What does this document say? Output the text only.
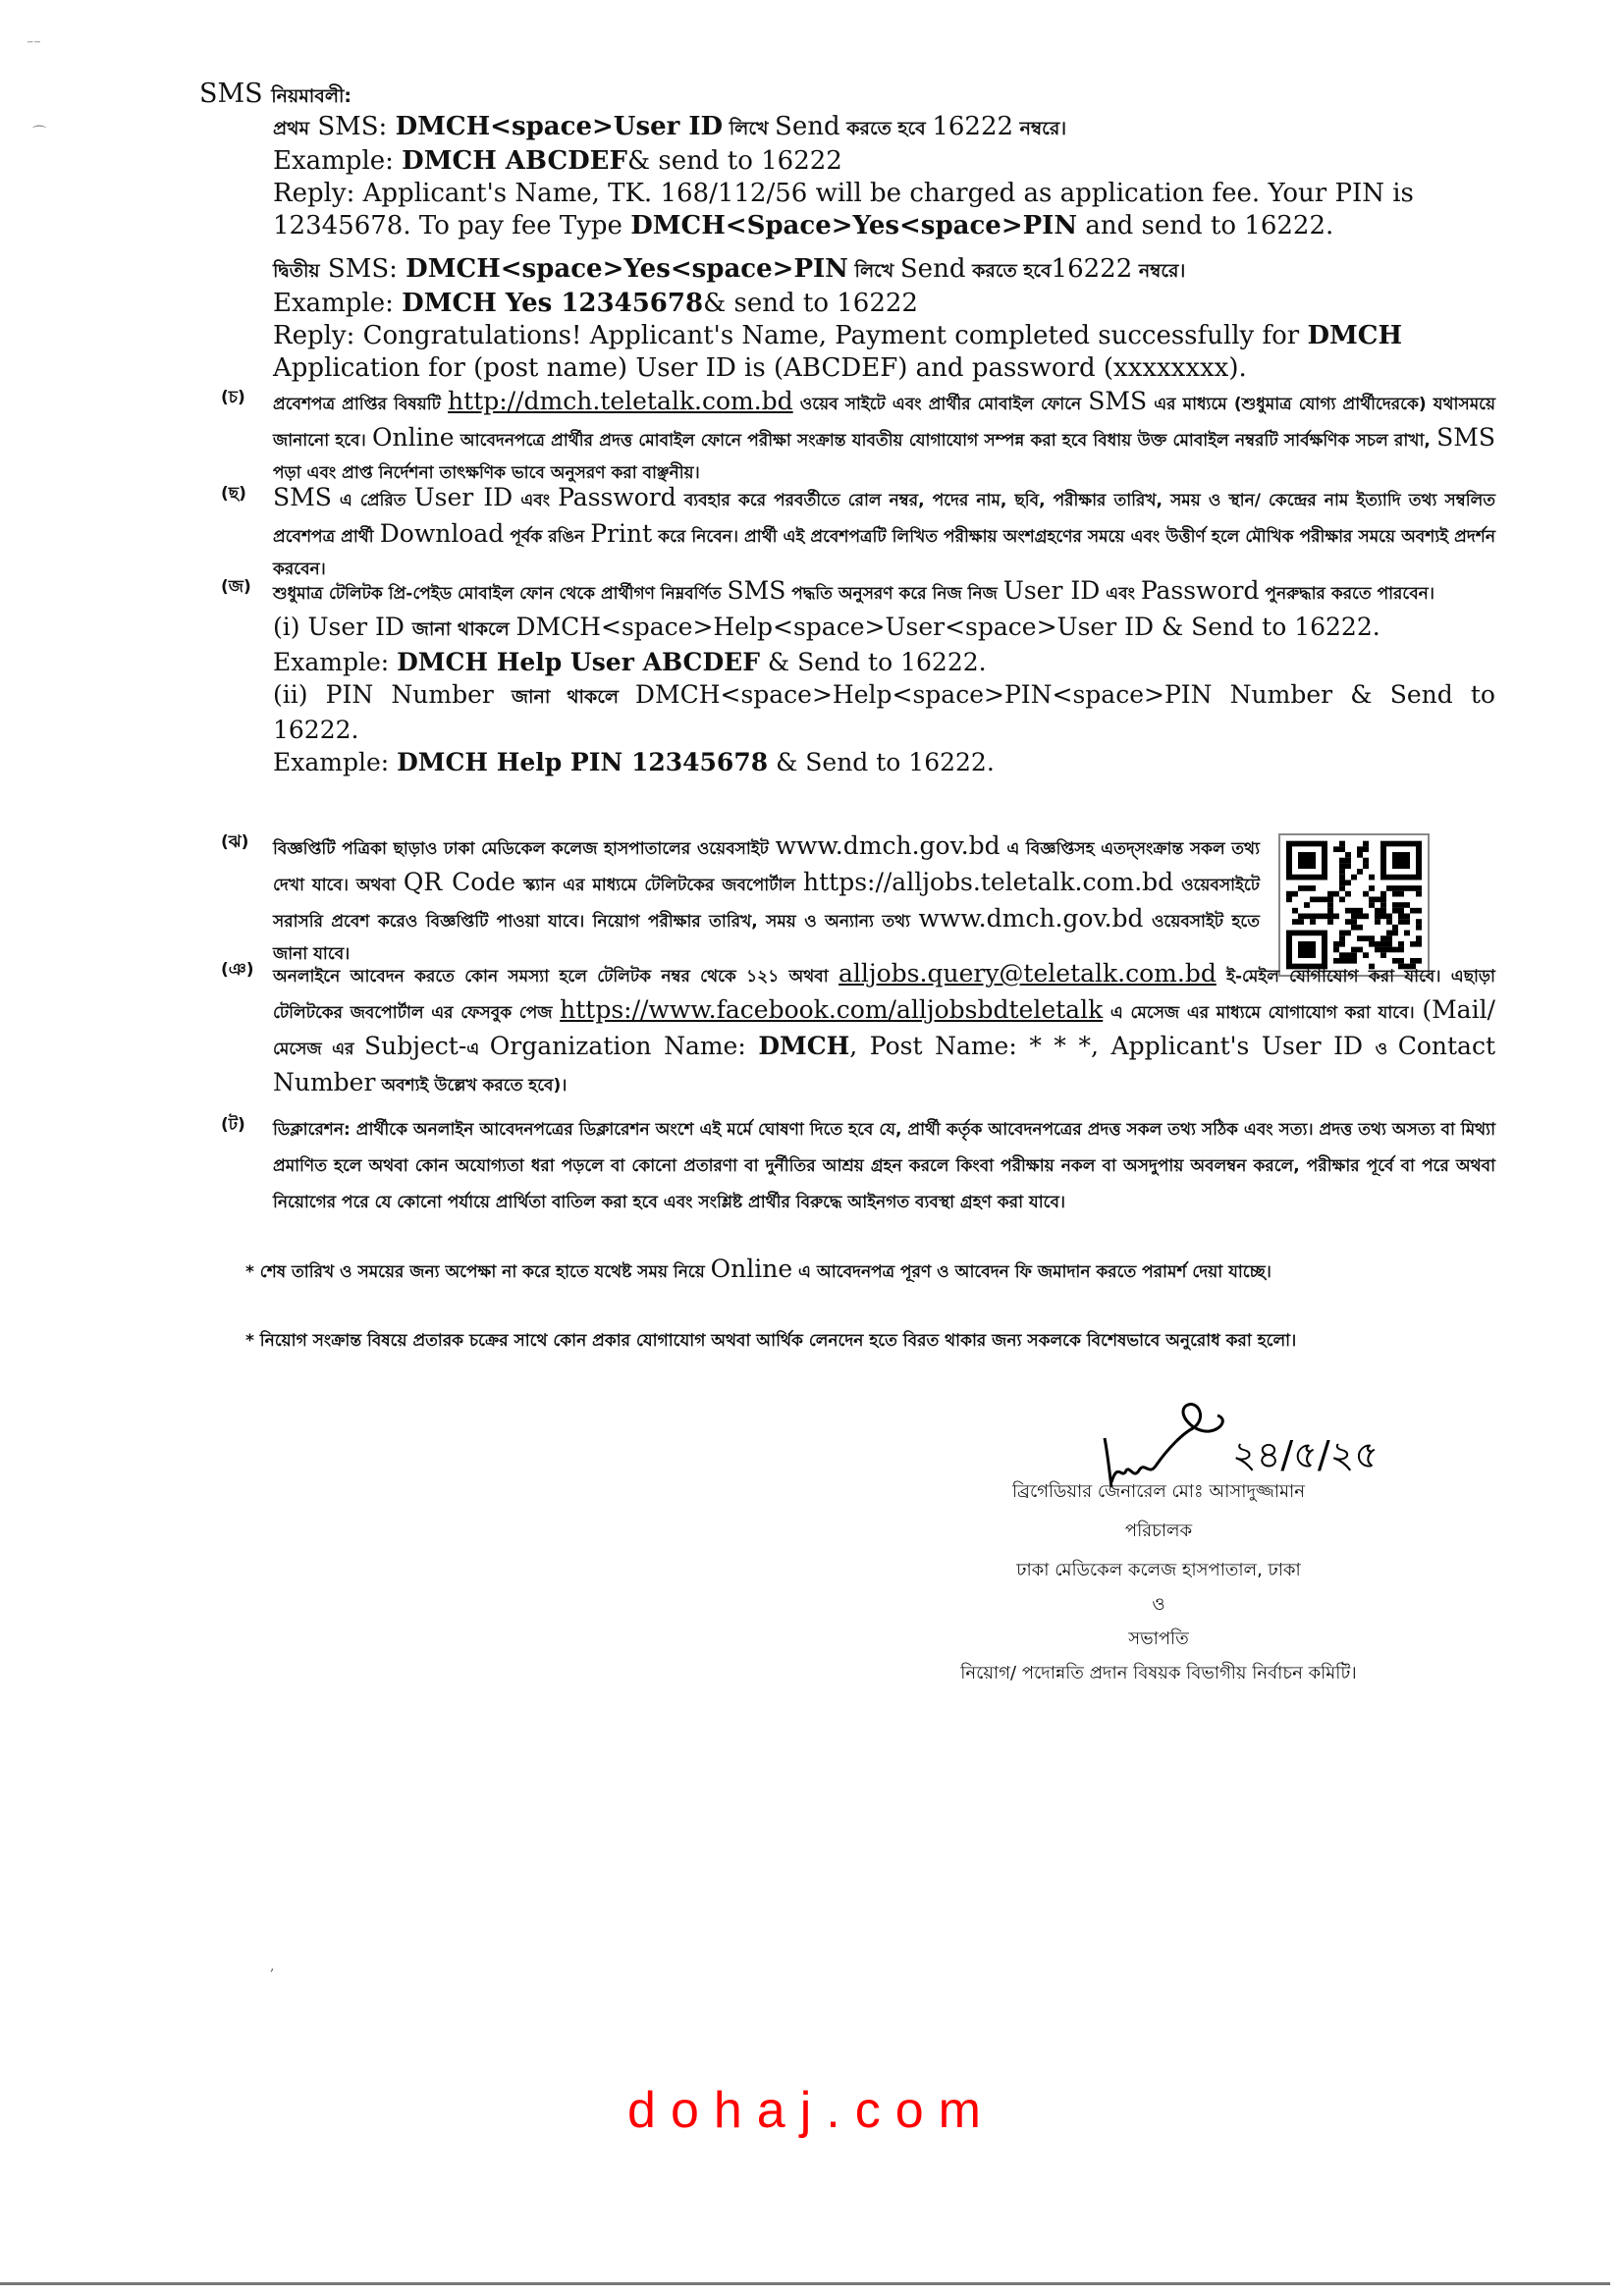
⁻⁻
⌒
SMS নিয়মাবলী:
প্রথম SMS: DMCH<space>User ID লিখে Send করতে হবে 16222 নম্বরে।
Example: DMCH ABCDEF& send to 16222
Reply: Applicant's Name, TK. 168/112/56 will be charged as application fee. Your PIN is
12345678. To pay fee Type DMCH<Space>Yes<space>PIN and send to 16222.
দ্বিতীয় SMS: DMCH<space>Yes<space>PIN লিখে Send করতে হবে16222 নম্বরে।
Example: DMCH Yes 12345678& send to 16222
Reply: Congratulations! Applicant's Name, Payment completed successfully for DMCH
Application for (post name) User ID is (ABCDEF) and password (xxxxxxxx).
(চ) প্রবেশপত্র প্রাপ্তির বিষয়টি http://dmch.teletalk.com.bd ওয়েব সাইটে এবং প্রার্থীর মোবাইল ফোনে SMS এর মাধ্যমে (শুধুমাত্র যোগ্য প্রার্থীদেরকে) যথাসময়ে জানানো হবে। Online আবেদনপত্রে প্রার্থীর প্রদত্ত মোবাইল ফোনে পরীক্ষা সংক্রান্ত যাবতীয় যোগাযোগ সম্পন্ন করা হবে বিধায় উক্ত মোবাইল নম্বরটি সার্বক্ষণিক সচল রাখা, SMS পড়া এবং প্রাপ্ত নির্দেশনা তাৎক্ষণিক ভাবে অনুসরণ করা বাঞ্ছনীয়।
(ছ) SMS এ প্রেরিত User ID এবং Password ব্যবহার করে পরবর্তীতে রোল নম্বর, পদের নাম, ছবি, পরীক্ষার তারিখ, সময় ও স্থান/ কেন্দ্রের নাম ইত্যাদি তথ্য সম্বলিত প্রবেশপত্র প্রার্থী Download পূর্বক রঙিন Print করে নিবেন। প্রার্থী এই প্রবেশপত্রটি লিখিত পরীক্ষায় অংশগ্রহণের সময়ে এবং উত্তীর্ণ হলে মৌখিক পরীক্ষার সময়ে অবশ্যই প্রদর্শন করবেন।
(জ) শুধুমাত্র টেলিটক প্রি-পেইড মোবাইল ফোন থেকে প্রার্থীগণ নিম্নবর্ণিত SMS পদ্ধতি অনুসরণ করে নিজ নিজ User ID এবং Password পুনরুদ্ধার করতে পারবেন।
(i) User ID জানা থাকলে DMCH<space>Help<space>User<space>User ID & Send to 16222.
Example: DMCH Help User ABCDEF & Send to 16222.
(ii) PIN Number জানা থাকলে DMCH<space>Help<space>PIN<space>PIN Number & Send to 16222.
Example: DMCH Help PIN 12345678 & Send to 16222.
(ঝ) বিজ্ঞপ্তিটি পত্রিকা ছাড়াও ঢাকা মেডিকেল কলেজ হাসপাতালের ওয়েবসাইট www.dmch.gov.bd এ বিজ্ঞপ্তিসহ এতদ্‌সংক্রান্ত সকল তথ্য দেখা যাবে। অথবা QR Code স্ক্যান এর মাধ্যমে টেলিটকের জবপোর্টাল https://alljobs.teletalk.com.bd ওয়েবসাইটে সরাসরি প্রবেশ করেও বিজ্ঞপ্তিটি পাওয়া যাবে। নিয়োগ পরীক্ষার তারিখ, সময় ও অন্যান্য তথ্য www.dmch.gov.bd ওয়েবসাইট হতে জানা যাবে।
(ঞ) অনলাইনে আবেদন করতে কোন সমস্যা হলে টেলিটক নম্বর থেকে ১২১ অথবা alljobs.query@teletalk.com.bd ই-মেইল যোগাযোগ করা যাবে। এছাড়া টেলিটকের জবপোর্টাল এর ফেসবুক পেজ https://www.facebook.com/alljobsbdteletalk এ মেসেজ এর মাধ্যমে যোগাযোগ করা যাবে। (Mail/ মেসেজ এর Subject-এ Organization Name: DMCH, Post Name: * * *, Applicant's User ID ও Contact Number অবশ্যই উল্লেখ করতে হবে)।
(ট) ডিক্লারেশন: প্রার্থীকে অনলাইন আবেদনপত্রের ডিক্লারেশন অংশে এই মর্মে ঘোষণা দিতে হবে যে, প্রার্থী কর্তৃক আবেদনপত্রের প্রদত্ত সকল তথ্য সঠিক এবং সত্য। প্রদত্ত তথ্য অসত্য বা মিথ্যা প্রমাণিত হলে অথবা কোন অযোগ্যতা ধরা পড়লে বা কোনো প্রতারণা বা দুর্নীতির আশ্রয় গ্রহন করলে কিংবা পরীক্ষায় নকল বা অসদুপায় অবলম্বন করলে, পরীক্ষার পূর্বে বা পরে অথবা নিয়োগের পরে যে কোনো পর্যায়ে প্রার্থিতা বাতিল করা হবে এবং সংশ্লিষ্ট প্রার্থীর বিরুদ্ধে আইনগত ব্যবস্থা গ্রহণ করা যাবে।
* শেষ তারিখ ও সময়ের জন্য অপেক্ষা না করে হাতে যথেষ্ট সময় নিয়ে Online এ আবেদনপত্র পূরণ ও আবেদন ফি জমাদান করতে পরামর্শ দেয়া যাচ্ছে।
* নিয়োগ সংক্রান্ত বিষয়ে প্রতারক চক্রের সাথে কোন প্রকার যোগাযোগ অথবা আর্থিক লেনদেন হতে বিরত থাকার জন্য সকলকে বিশেষভাবে অনুরোধ করা হলো।
২৪/৫/২৫
ব্রিগেডিয়ার জেনারেল মোঃ আসাদুজ্জামান
পরিচালক
ঢাকা মেডিকেল কলেজ হাসপাতাল, ঢাকা
ও
সভাপতি
নিয়োগ/ পদোন্নতি প্রদান বিষয়ক বিভাগীয় নির্বাচন কমিটি।
,
dohaj.com
